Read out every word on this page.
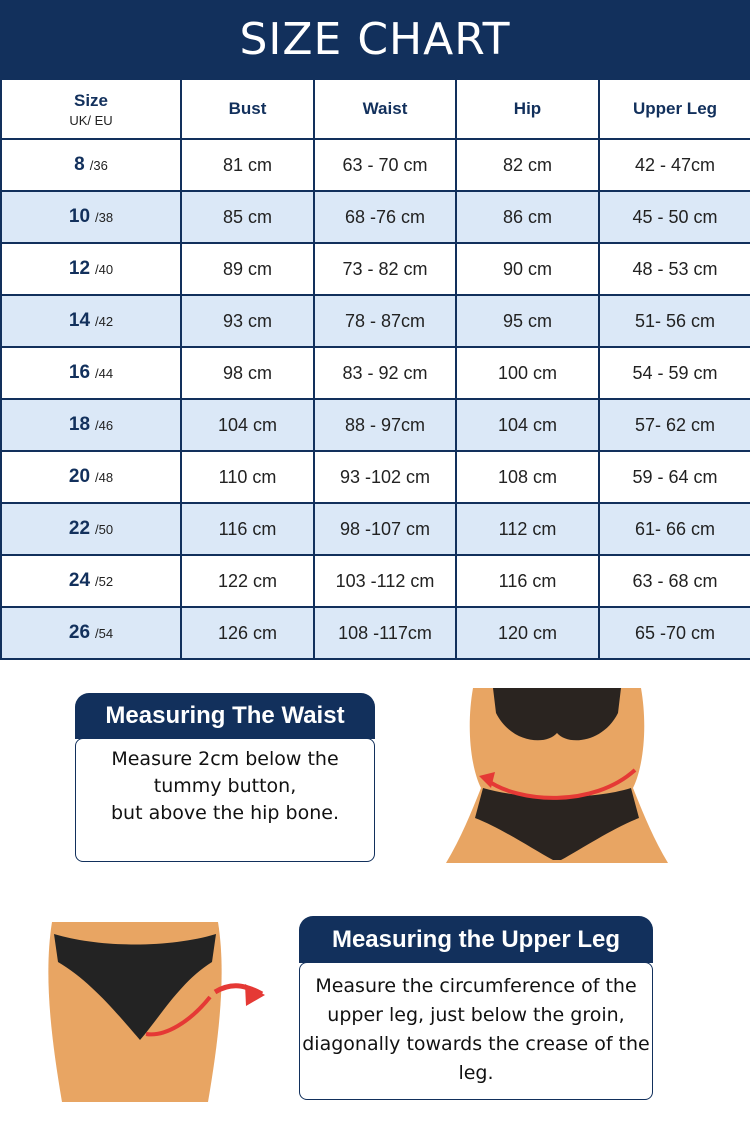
SIZE CHART
Size
UK/ EU	Bust	Waist	Hip	Upper Leg
8 /36	81 cm	63 - 70 cm	82 cm	42 - 47cm
10 /38	85 cm	68 -76 cm	86 cm	45 - 50 cm
12 /40	89 cm	73 - 82 cm	90 cm	48 - 53 cm
14 /42	93 cm	78 - 87cm	95 cm	51- 56 cm
16 /44	98 cm	83 - 92 cm	100 cm	54 - 59 cm
18 /46	104 cm	88 - 97cm	104 cm	57- 62 cm
20 /48	110 cm	93 -102 cm	108 cm	59 - 64 cm
22 /50	116 cm	98 -107 cm	112 cm	61- 66 cm
24 /52	122 cm	103 -112 cm	116 cm	63 - 68 cm
26 /54	126 cm	108 -117cm	120 cm	65 -70 cm
Measuring The Waist
Measure 2cm below the
tummy button,
but above the hip bone.
Measuring the Upper Leg
Measure the circumference of the
upper leg, just below the groin,
diagonally towards the crease of the
leg.
